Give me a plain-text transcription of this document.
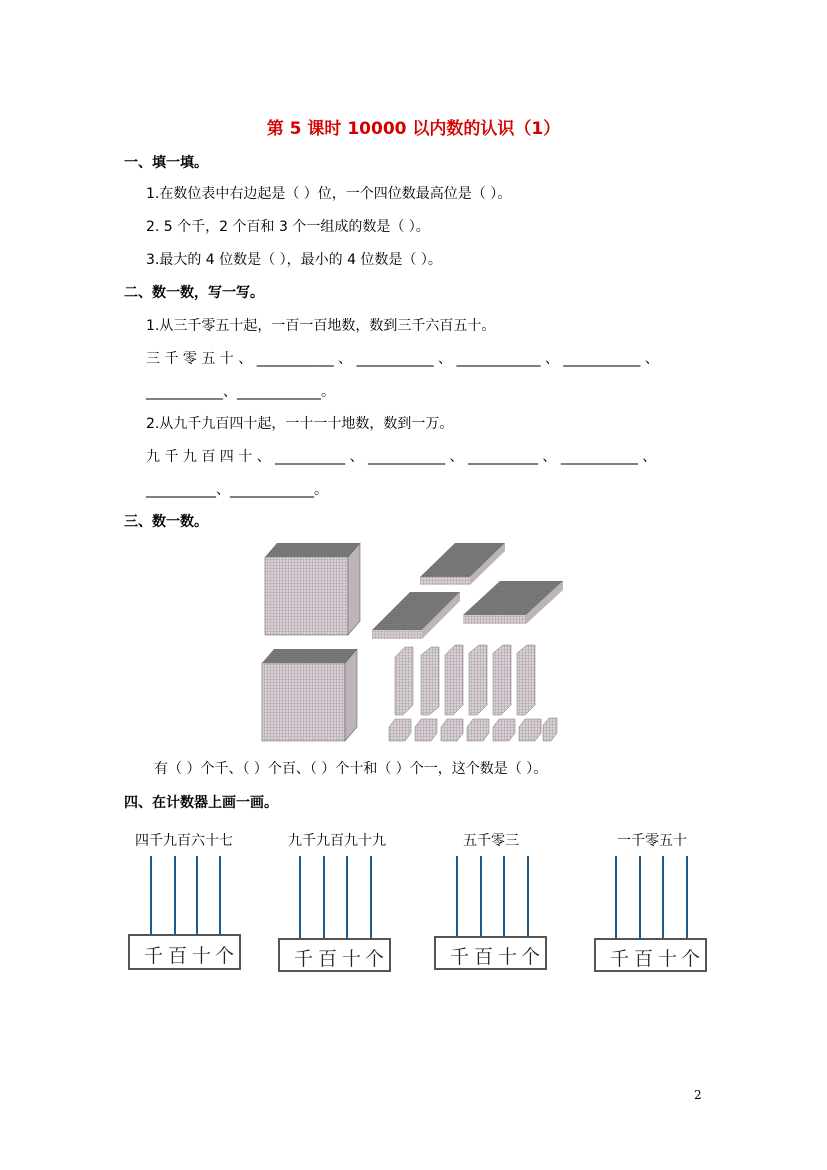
第 5 课时 10000 以内数的认识（1）
一、填一填。
1.在数位表中右边起是（ ）位，一个四位数最高位是（ ）。
2. 5 个千，2 个百和 3 个一组成的数是（ ）。
3.最大的 4 位数是（ ），最小的 4 位数是（ ）。
二、数一数，写一写。
1.从三千零五十起，一百一百地数，数到三千六百五十。
三 千 零 五 十 、 ___________ 、 ___________ 、 ____________ 、 ___________ 、
___________、____________。
2.从九千九百四十起，一十一十地数，数到一万。
九 千 九 百 四 十 、 __________ 、 ___________ 、 __________ 、 ___________ 、
__________、____________。
三、数一数。
有（ ）个千、（ ）个百、（ ）个十和（ ）个一，这个数是（ ）。
四、在计数器上画一画。
四千九百六十七
千 百 十 个
九千九百九十九
千 百 十 个
五千零三
千 百 十 个
一千零五十
千 百 十 个
2
